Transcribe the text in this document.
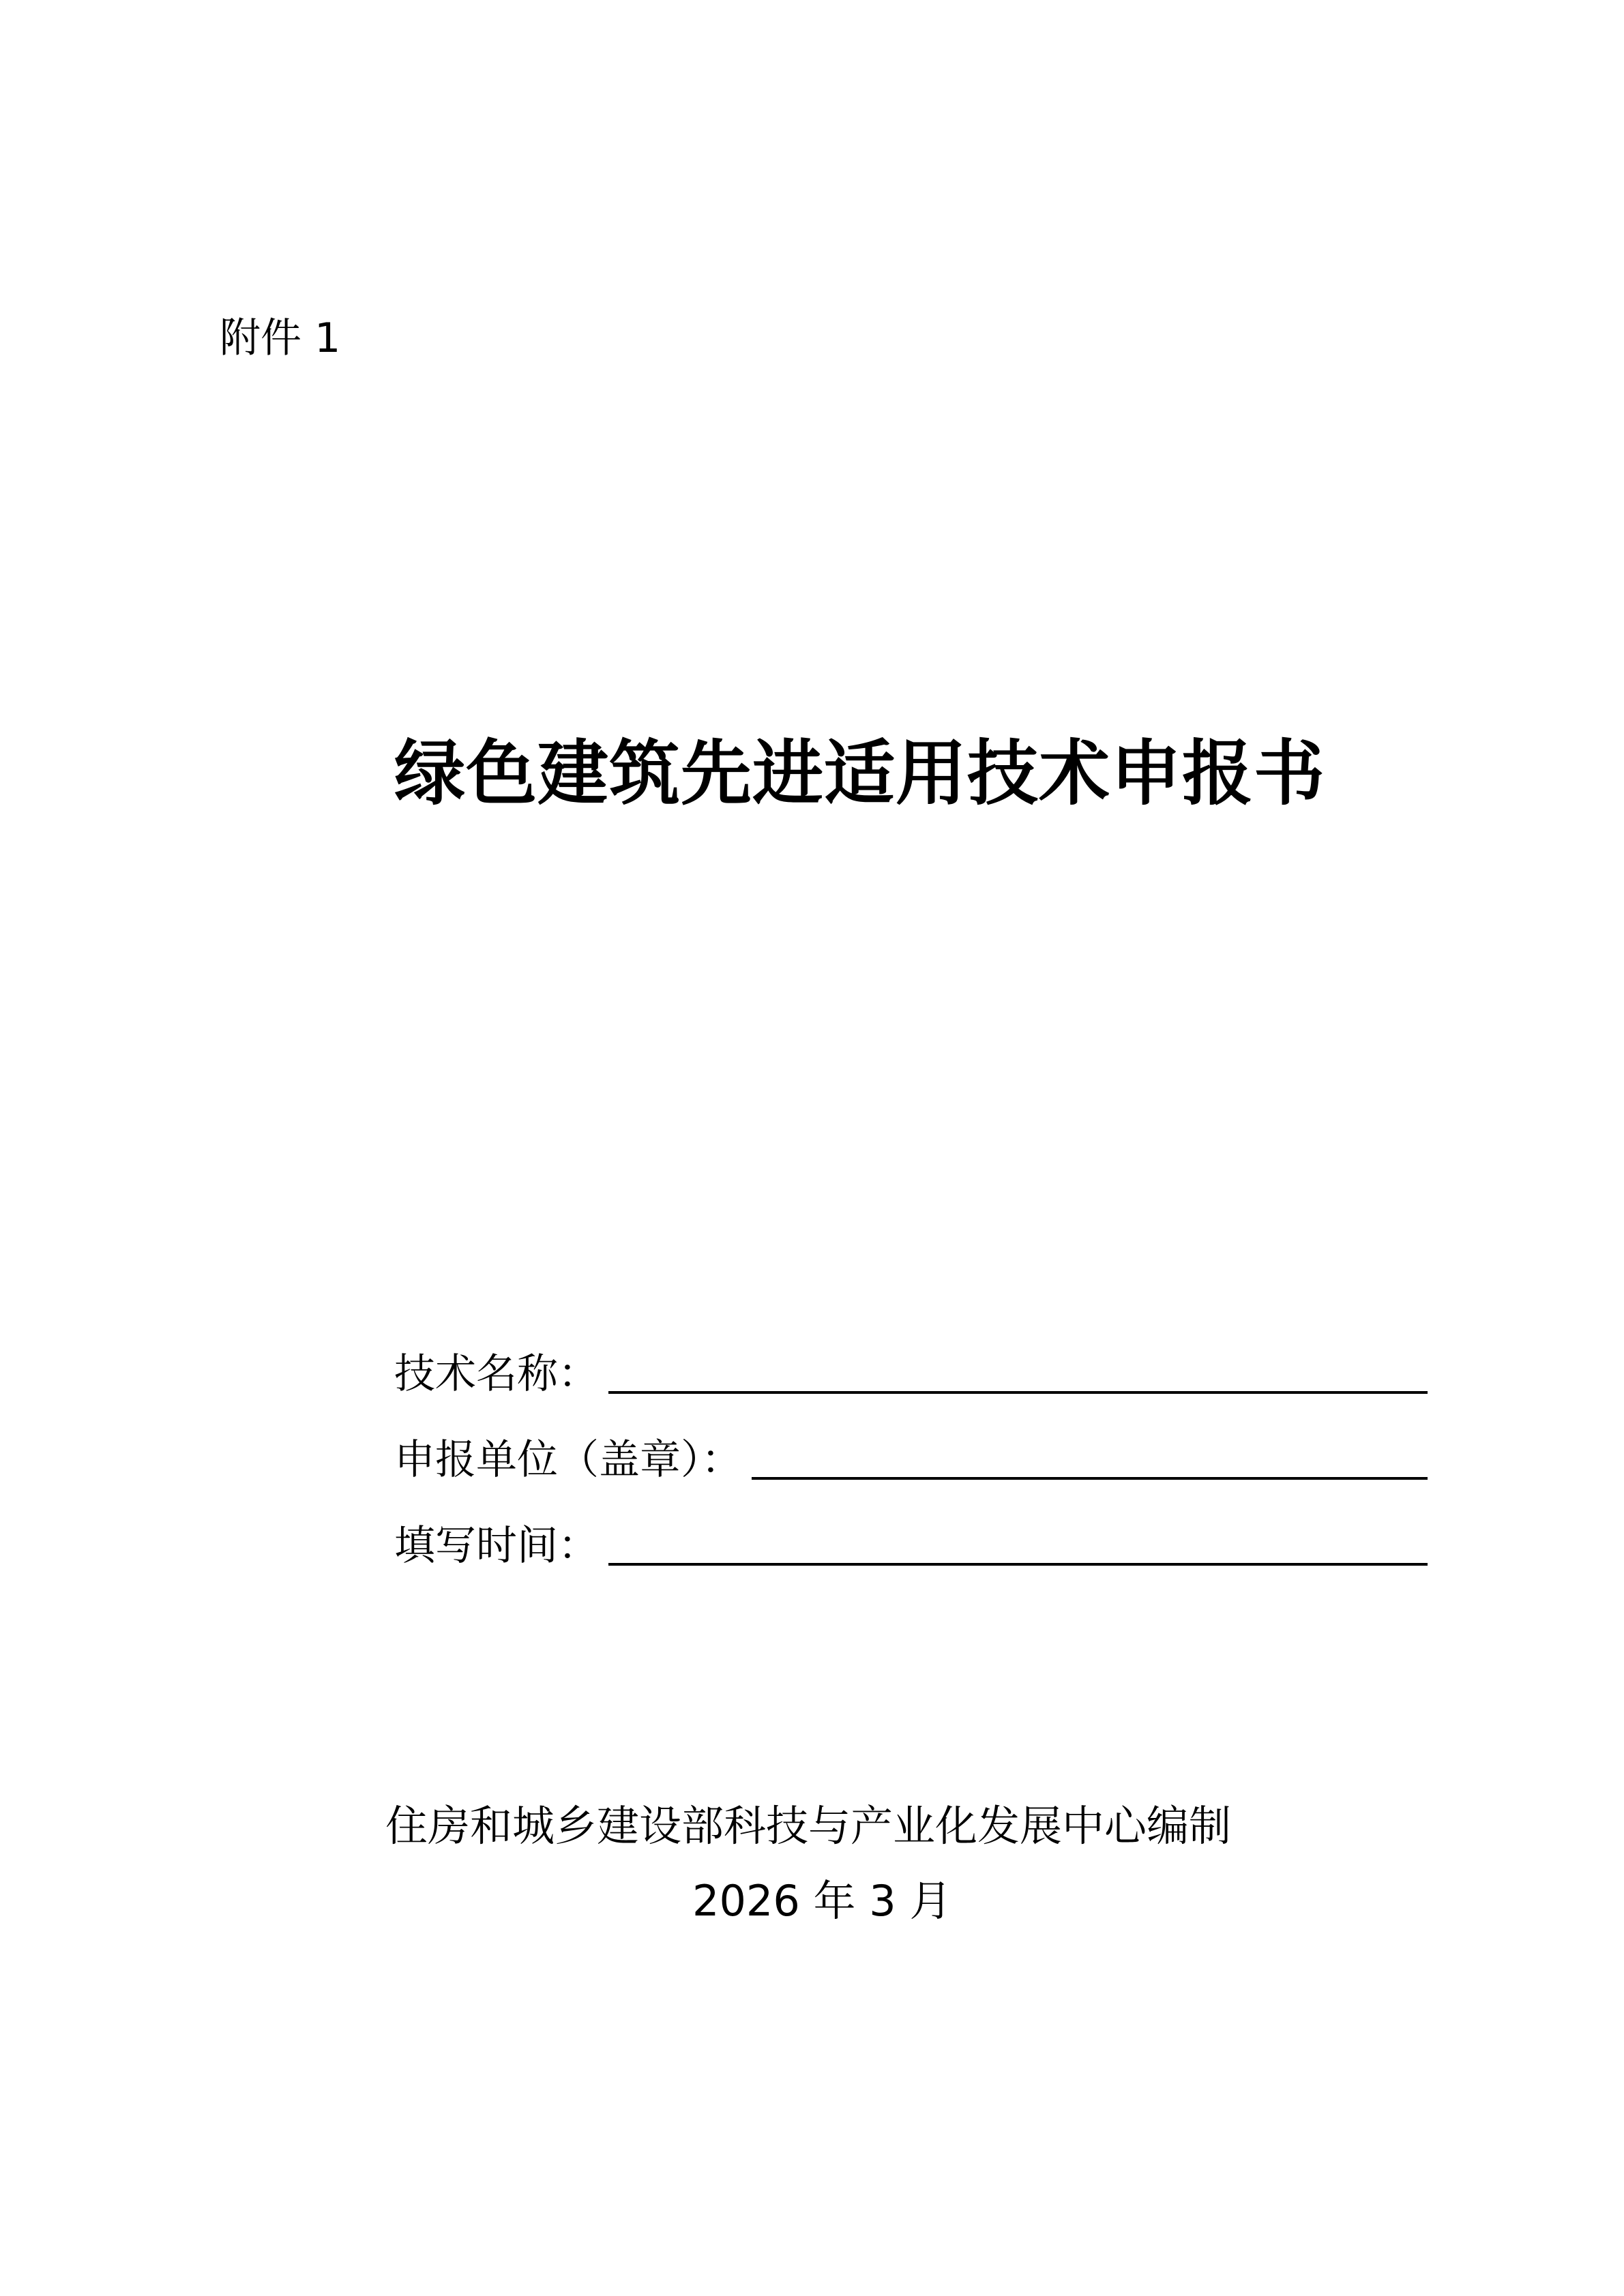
附件 1
绿色建筑先进适用技术申报书
技术名称：
申报单位（盖章）：
填写时间：
住房和城乡建设部科技与产业化发展中心编制
2026 年 3 月
